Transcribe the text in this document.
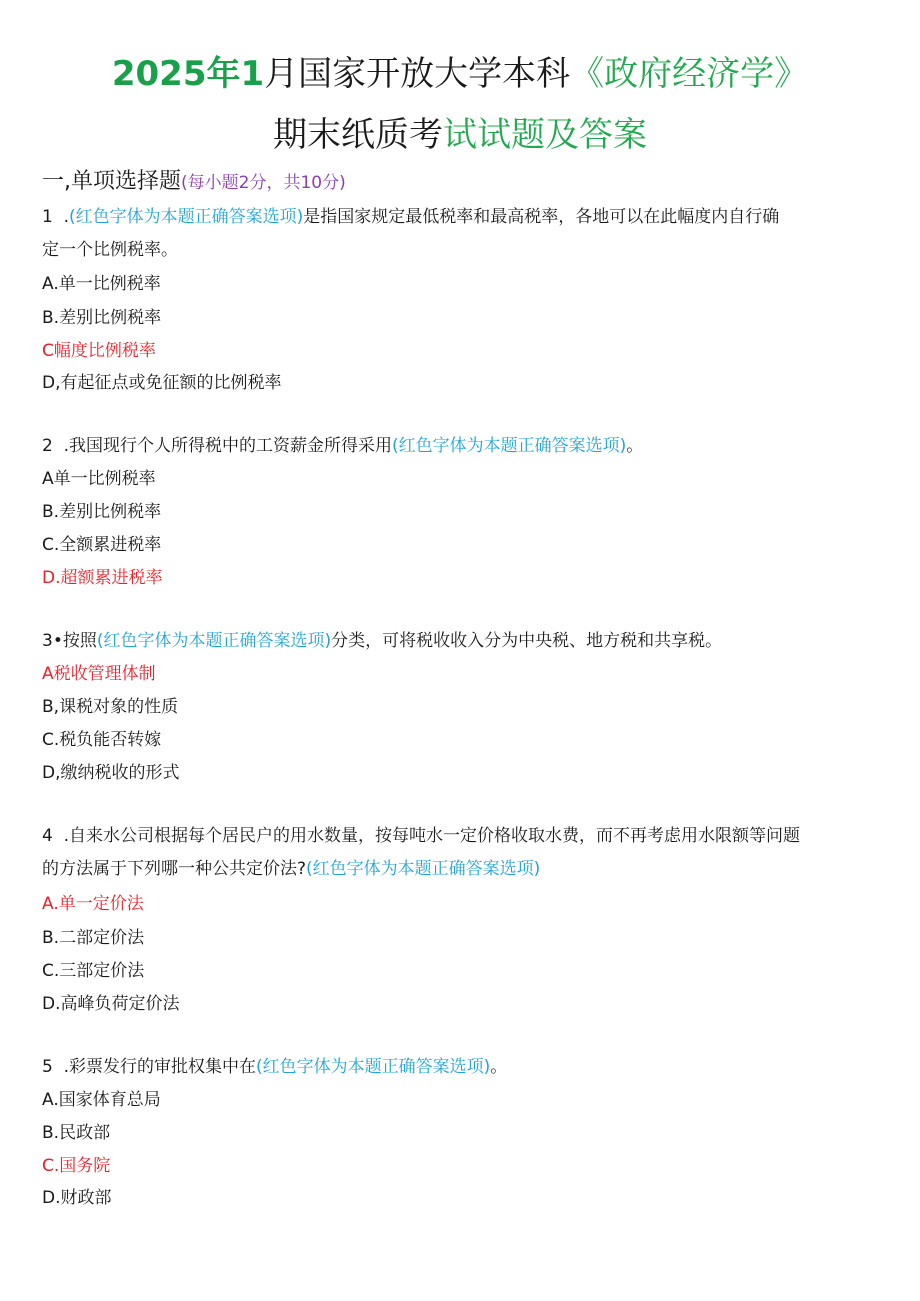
2025年1月国家开放大学本科《政府经济学》
期末纸质考试试题及答案
一,单项选择题(每小题2分，共10分)
1  .(红色字体为本题正确答案选项)是指国家规定最低税率和最高税率，各地可以在此幅度内自行确
定一个比例税率。
A.单一比例税率
B.差别比例税率
C幅度比例税率
D,有起征点或免征额的比例税率
2  .我国现行个人所得税中的工资薪金所得采用(红色字体为本题正确答案选项)。
A单一比例税率
B.差别比例税率
C.全额累进税率
D.超额累进税率
3•按照(红色字体为本题正确答案选项)分类，可将税收收入分为中央税、地方税和共享税。
A税收管理体制
B,课税对象的性质
C.税负能否转嫁
D,缴纳税收的形式
4  .自来水公司根据每个居民户的用水数量，按每吨水一定价格收取水费，而不再考虑用水限额等问题
的方法属于下列哪一种公共定价法?(红色字体为本题正确答案选项)
A.单一定价法
B.二部定价法
C.三部定价法
D.高峰负荷定价法
5  .彩票发行的审批权集中在(红色字体为本题正确答案选项)。
A.国家体育总局
B.民政部
C.国务院
D.财政部
